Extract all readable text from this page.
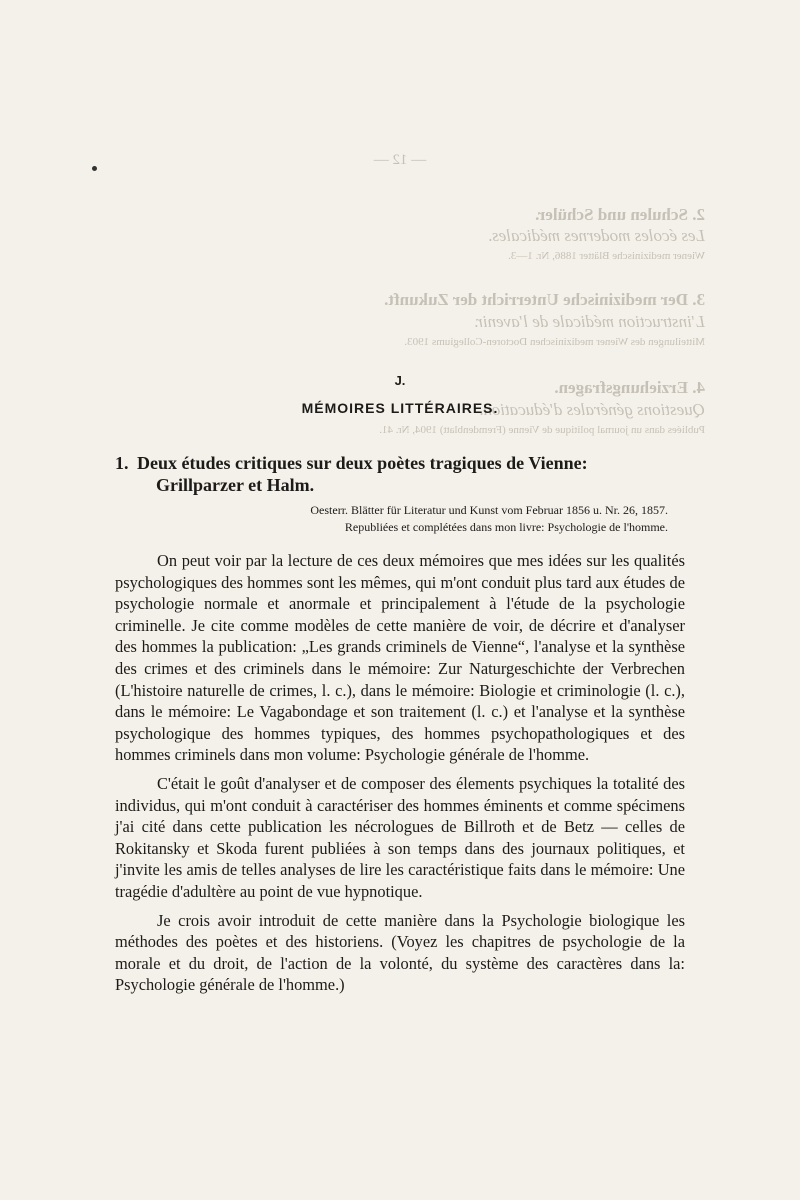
— 12 —
2. Schulen und Schüler.
Les écoles modernes médicales.
Wiener medizinische Blätter 1886, Nr. 1—3.
3. Der medizinische Unterricht der Zukunft.
L'instruction médicale de l'avenir.
Mitteilungen des Wiener medizinischen Doctoren-Collegiums 1903.
4. Erziehungsfragen.
Questions générales d'éducation.
Publiées dans un journal politique de Vienne (Fremdenblatt) 1904, Nr. 41.
J.
MÉMOIRES LITTÉRAIRES.
1. Deux études critiques sur deux poètes tragiques de Vienne:
Grillparzer et Halm.
Oesterr. Blätter für Literatur und Kunst vom Februar 1856 u. Nr. 26, 1857.
Republiées et complétées dans mon livre: Psychologie de l'homme.

On peut voir par la lecture de ces deux mémoires que mes idées sur les qualités psychologiques des hommes sont les mêmes, qui m'ont conduit plus tard aux études de psychologie normale et anormale et principalement à l'étude de la psychologie criminelle. Je cite comme modèles de cette manière de voir, de décrire et d'analyser des hommes la publication: „Les grands criminels de Vienne“, l'analyse et la synthèse des crimes et des criminels dans le mémoire: Zur Naturgeschichte der Verbrechen (L'histoire naturelle de crimes, l. c.), dans le mémoire: Biologie et criminologie (l. c.), dans le mémoire: Le Vagabondage et son traitement (l. c.) et l'analyse et la synthèse psychologique des hommes typiques, des hommes psychopathologiques et des hommes criminels dans mon volume: Psychologie générale de l'homme.

C'était le goût d'analyser et de composer des élements psychiques la totalité des individus, qui m'ont conduit à caractériser des hommes éminents et comme spécimens j'ai cité dans cette publication les nécrologues de Billroth et de Betz — celles de Rokitansky et Skoda furent publiées à son temps dans des journaux politiques, et j'invite les amis de telles analyses de lire les caractéristique faits dans le mémoire: Une tragédie d'adultère au point de vue hypnotique.

Je crois avoir introduit de cette manière dans la Psychologie biologique les méthodes des poètes et des historiens. (Voyez les chapitres de psychologie de la morale et du droit, de l'action de la volonté, du système des caractères dans la: Psychologie générale de l'homme.)
